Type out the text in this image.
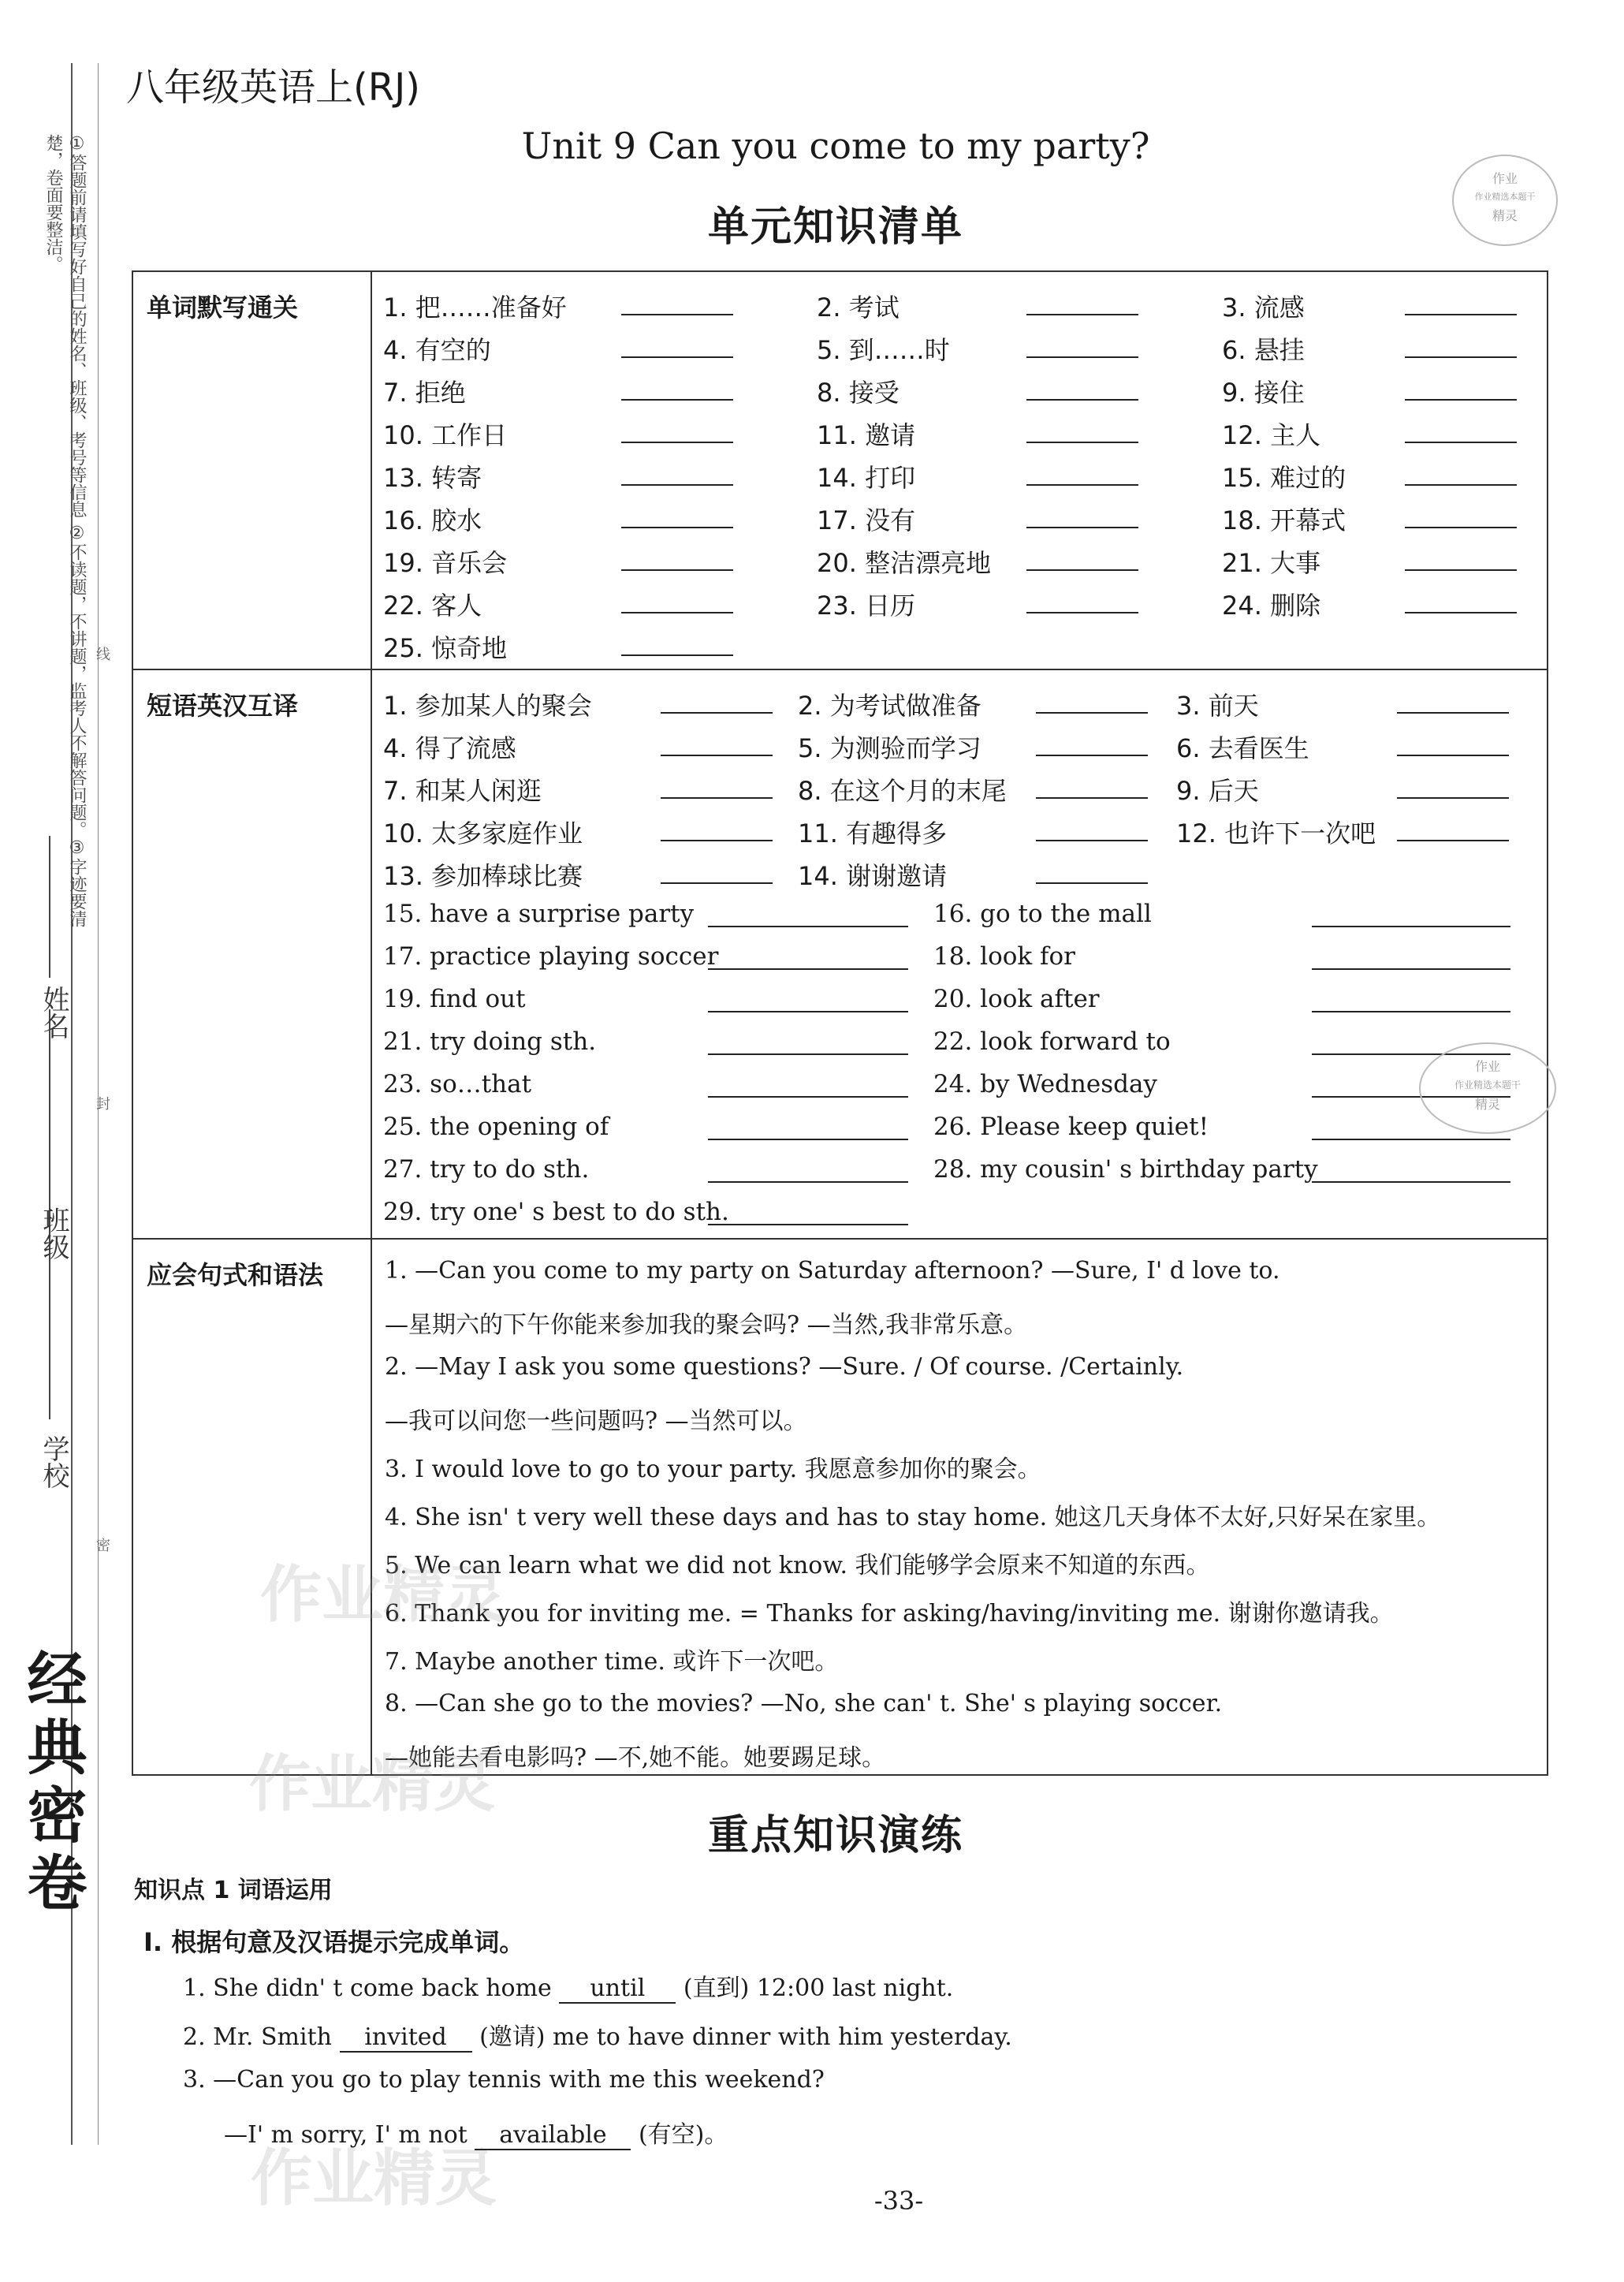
①答题前请填写好自己的姓名、班级、考号等信息 ②不读题，不讲题，监考人不解答问题。③字迹要清楚，卷面要整洁。
学校
班级
姓名
密
封
线
经典密卷
八年级英语上(RJ)
Unit 9 Can you come to my party?
单元知识清单
作业
作业精选本题干
精灵
单词默写通关	1. 把……准备好	2. 考试	3. 流感
4. 有空的	5. 到……时	6. 悬挂
7. 拒绝	8. 接受	9. 接住
10. 工作日	11. 邀请	12. 主人
13. 转寄	14. 打印	15. 难过的
16. 胶水	17. 没有	18. 开幕式
19. 音乐会	20. 整洁漂亮地	21. 大事
22. 客人	23. 日历	24. 删除
25. 惊奇地
短语英汉互译	1. 参加某人的聚会	2. 为考试做准备	3. 前天
4. 得了流感	5. 为测验而学习	6. 去看医生
7. 和某人闲逛	8. 在这个月的末尾	9. 后天
10. 太多家庭作业	11. 有趣得多	12. 也许下一次吧
13. 参加棒球比赛	14. 谢谢邀请
15. have a surprise party	16. go to the mall
17. practice playing soccer	18. look for
19. find out	20. look after
21. try doing sth.	22. look forward to
23. so…that	24. by Wednesday
25. the opening of	26. Please keep quiet!
27. try to do sth.	28. my cousin' s birthday party
29. try one' s best to do sth.
作业
作业精选本题干
精灵
应会句式和语法	1. —Can you come to my party on Saturday afternoon? —Sure, I' d love to.
—星期六的下午你能来参加我的聚会吗? —当然,我非常乐意。
2. —May I ask you some questions? —Sure. / Of course. /Certainly.
—我可以问您一些问题吗? —当然可以。
3. I would love to go to your party. 我愿意参加你的聚会。
4. She isn' t very well these days and has to stay home. 她这几天身体不太好,只好呆在家里。
5. We can learn what we did not know. 我们能够学会原来不知道的东西。
6. Thank you for inviting me. = Thanks for asking/having/inviting me. 谢谢你邀请我。
7. Maybe another time. 或许下一次吧。
8. —Can she go to the movies? —No, she can' t. She' s playing soccer.
—她能去看电影吗? —不,她不能。她要踢足球。
作业精灵
作业精灵
作业精灵
重点知识演练
知识点 1 词语运用
Ⅰ. 根据句意及汉语提示完成单词。
1. She didn' t come back home until (直到) 12:00 last night.
2. Mr. Smith invited (邀请) me to have dinner with him yesterday.
3. —Can you go to play tennis with me this weekend?
—I' m sorry, I' m not available (有空)。
-33-
